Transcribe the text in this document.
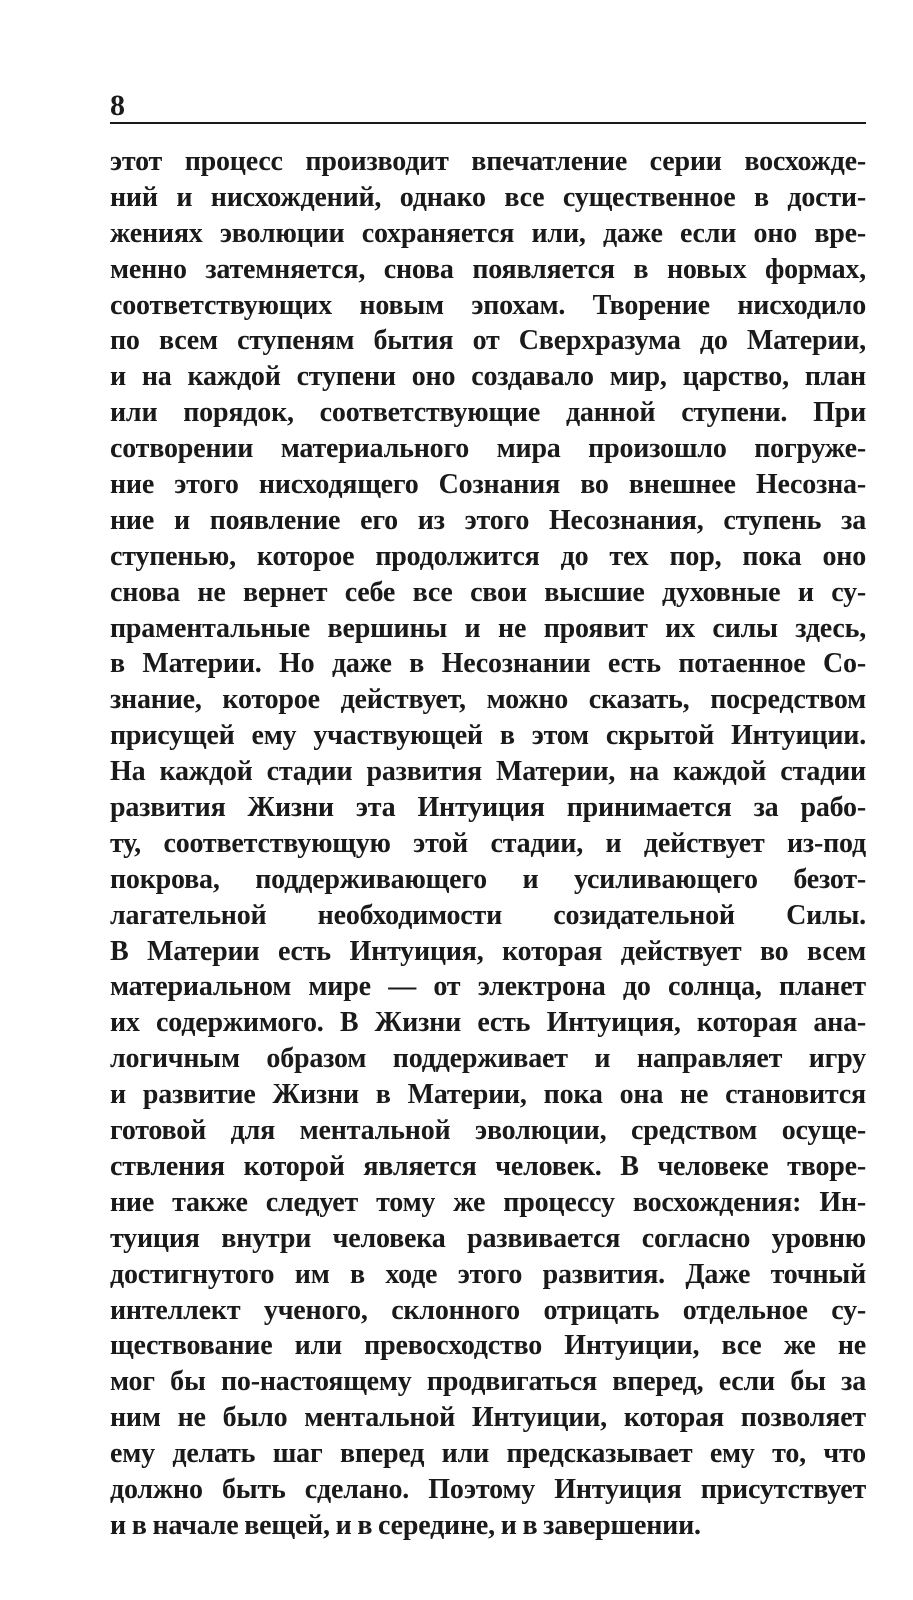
8
этот процесс производит впечатление серии восхожде-
ний и нисхождений, однако все существенное в дости-
жениях эволюции сохраняется или, даже если оно вре-
менно затемняется, снова появляется в новых формах,
соответствующих новым эпохам. Творение нисходило
по всем ступеням бытия от Сверхразума до Материи,
и на каждой ступени оно создавало мир, царство, план
или порядок, соответствующие данной ступени. При
сотворении материального мира произошло погруже-
ние этого нисходящего Сознания во внешнее Несозна-
ние и появление его из этого Несознания, ступень за
ступенью, которое продолжится до тех пор, пока оно
снова не вернет себе все свои высшие духовные и су-
праментальные вершины и не проявит их силы здесь,
в Материи. Но даже в Несознании есть потаенное Со-
знание, которое действует, можно сказать, посредством
присущей ему участвующей в этом скрытой Интуиции.
На каждой стадии развития Материи, на каждой стадии
развития Жизни эта Интуиция принимается за рабо-
ту, соответствующую этой стадии, и действует из-под
покрова, поддерживающего и усиливающего безот-
лагательной необходимости созидательной Силы.
В Материи есть Интуиция, которая действует во всем
материальном мире — от электрона до солнца, планет
их содержимого. В Жизни есть Интуиция, которая ана-
логичным образом поддерживает и направляет игру
и развитие Жизни в Материи, пока она не становится
готовой для ментальной эволюции, средством осуще-
ствления которой является человек. В человеке творе-
ние также следует тому же процессу восхождения: Ин-
туиция внутри человека развивается согласно уровню
достигнутого им в ходе этого развития. Даже точный
интеллект ученого, склонного отрицать отдельное су-
ществование или превосходство Интуиции, все же не
мог бы по-настоящему продвигаться вперед, если бы за
ним не было ментальной Интуиции, которая позволяет
ему делать шаг вперед или предсказывает ему то, что
должно быть сделано. Поэтому Интуиция присутствует
и в начале вещей, и в середине, и в завершении.
